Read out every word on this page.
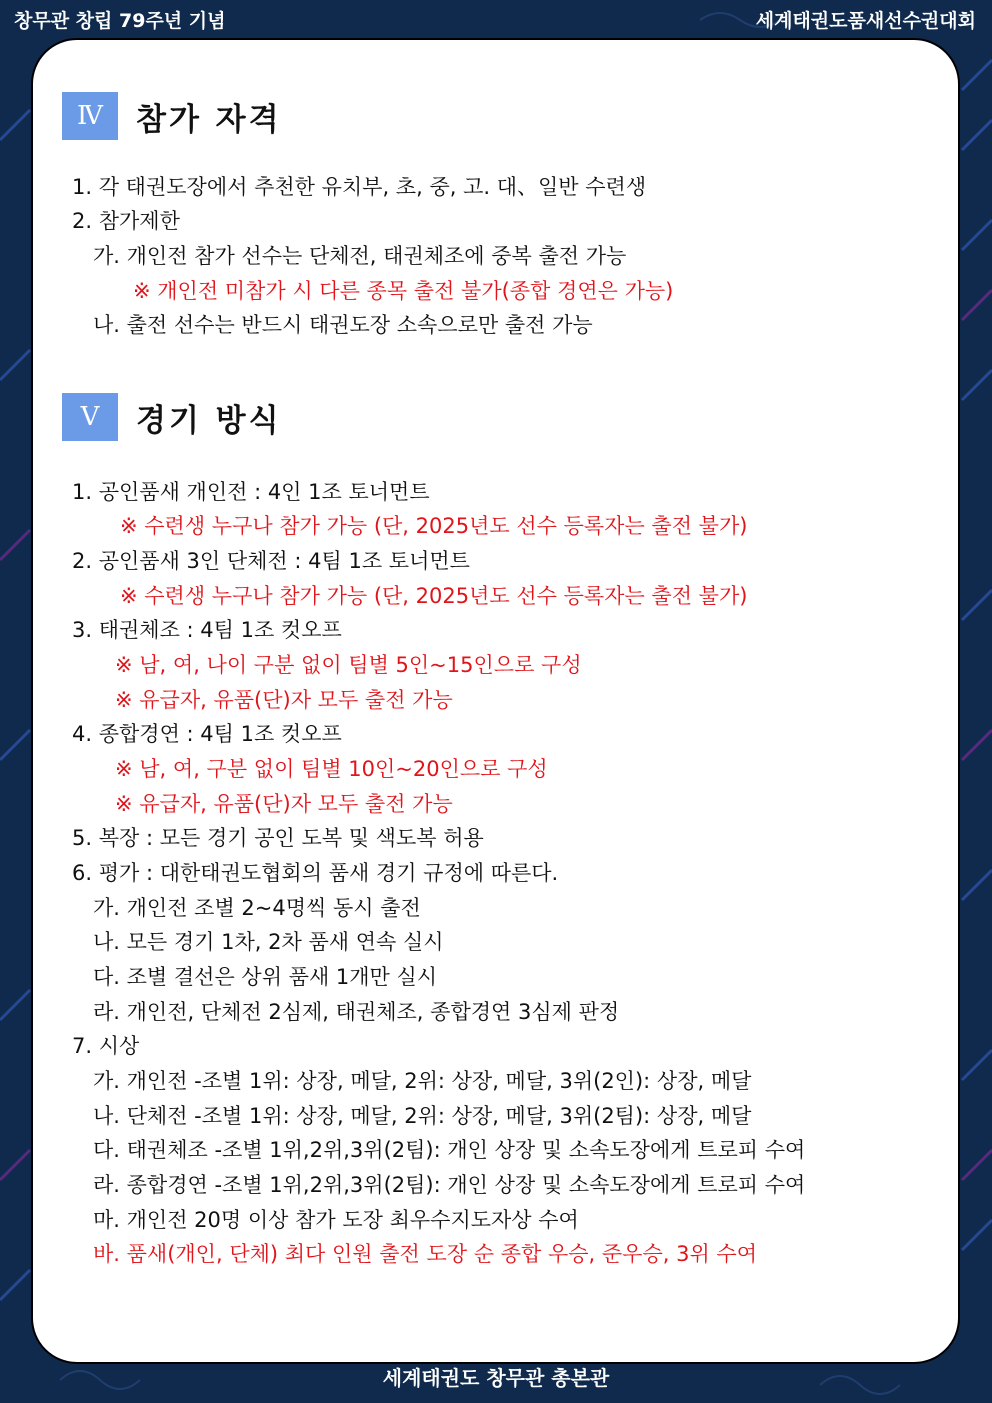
창무관 창립 79주년 기념	세계태권도품새선수권대회
Ⅳ	참가 자격
1. 각 태권도장에서 추천한 유치부, 초, 중, 고. 대、일반 수련생
2. 참가제한
가. 개인전 참가 선수는 단체전, 태권체조에 중복 출전 가능
※ 개인전 미참가 시 다른 종목 출전 불가(종합 경연은 가능)
나. 출전 선수는 반드시 태권도장 소속으로만 출전 가능
Ⅴ	경기 방식
1. 공인품새 개인전 : 4인 1조 토너먼트
※ 수련생 누구나 참가 가능 (단, 2025년도 선수 등록자는 출전 불가)
2. 공인품새 3인 단체전 : 4팀 1조 토너먼트
※ 수련생 누구나 참가 가능 (단, 2025년도 선수 등록자는 출전 불가)
3. 태권체조 : 4팀 1조 컷오프
※ 남, 여, 나이 구분 없이 팀별 5인~15인으로 구성
※ 유급자, 유품(단)자 모두 출전 가능
4. 종합경연 : 4팀 1조 컷오프
※ 남, 여, 구분 없이 팀별 10인~20인으로 구성
※ 유급자, 유품(단)자 모두 출전 가능
5. 복장 : 모든 경기 공인 도복 및 색도복 허용
6. 평가 : 대한태권도협회의 품새 경기 규정에 따른다.
가. 개인전 조별 2~4명씩 동시 출전
나. 모든 경기 1차, 2차 품새 연속 실시
다. 조별 결선은 상위 품새 1개만 실시
라. 개인전, 단체전 2심제, 태권체조, 종합경연 3심제 판정
7. 시상
가. 개인전 -조별 1위: 상장, 메달, 2위: 상장, 메달, 3위(2인): 상장, 메달
나. 단체전 -조별 1위: 상장, 메달, 2위: 상장, 메달, 3위(2팀): 상장, 메달
다. 태권체조 -조별 1위,2위,3위(2팀): 개인 상장 및 소속도장에게 트로피 수여
라. 종합경연 -조별 1위,2위,3위(2팀): 개인 상장 및 소속도장에게 트로피 수여
마. 개인전 20명 이상 참가 도장 최우수지도자상 수여
바. 품새(개인, 단체) 최다 인원 출전 도장 순 종합 우승, 준우승, 3위 수여
세계태권도 창무관 총본관
